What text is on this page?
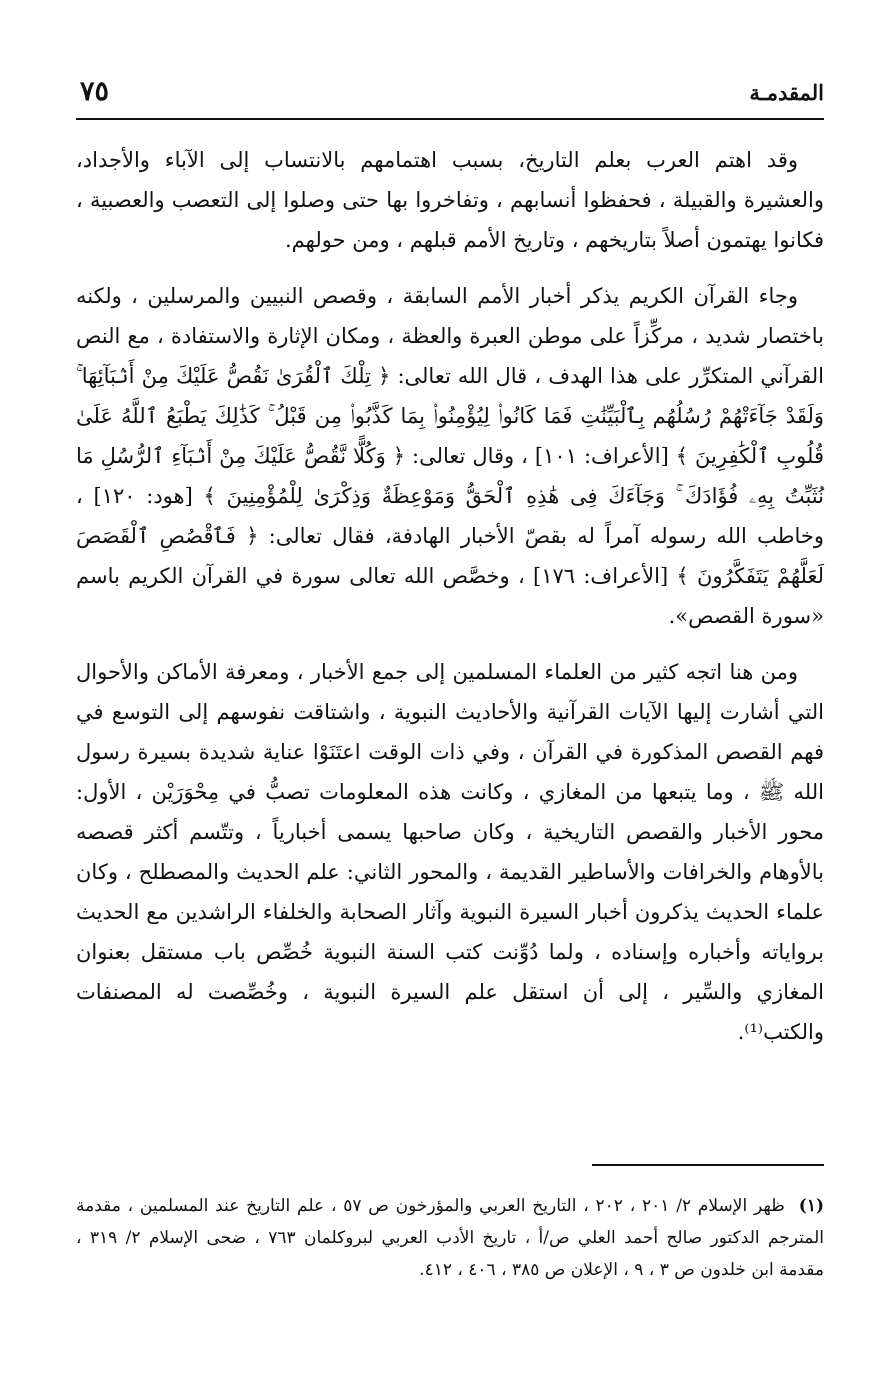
المقدمـة
٧٥

وقد اهتم العرب بعلم التاريخ، بسبب اهتمامهم بالانتساب إلى الآباء والأجداد، والعشيرة والقبيلة ، فحفظوا أنسابهم ، وتفاخروا بها حتى وصلوا إلى التعصب والعصبية ، فكانوا يهتمون أصلاً بتاريخهم ، وتاريخ الأمم قبلهم ، ومن حولهم.

وجاء القرآن الكريم يذكر أخبار الأمم السابقة ، وقصص النبيين والمرسلين ، ولكنه باختصار شديد ، مركِّزاً على موطن العبرة والعظة ، ومكان الإثارة والاستفادة ، مع النص القرآني المتكرِّر على هذا الهدف ، قال الله تعالى: ﴿ تِلْكَ ٱلْقُرَىٰ نَقُصُّ عَلَيْكَ مِنْ أَنۢبَآئِهَا ۚ وَلَقَدْ جَآءَتْهُمْ رُسُلُهُم بِٱلْبَيِّنَٰتِ فَمَا كَانُوا۟ لِيُؤْمِنُوا۟ بِمَا كَذَّبُوا۟ مِن قَبْلُ ۚ كَذَٰلِكَ يَطْبَعُ ٱللَّهُ عَلَىٰ قُلُوبِ ٱلْكَٰفِرِينَ ﴾ [الأعراف: ١٠١] ، وقال تعالى: ﴿ وَكُلًّا نَّقُصُّ عَلَيْكَ مِنْ أَنۢبَآءِ ٱلرُّسُلِ مَا نُثَبِّتُ بِهِۦ فُؤَادَكَ ۚ وَجَآءَكَ فِى هَٰذِهِ ٱلْحَقُّ وَمَوْعِظَةٌ وَذِكْرَىٰ لِلْمُؤْمِنِينَ ﴾ [هود: ١٢٠] ، وخاطب الله رسوله آمراً له بقصّ الأخبار الهادفة، فقال تعالى: ﴿ فَٱقْصُصِ ٱلْقَصَصَ لَعَلَّهُمْ يَتَفَكَّرُونَ ﴾ [الأعراف: ١٧٦] ، وخصَّص الله تعالى سورة في القرآن الكريم باسم «سورة القصص».

ومن هنا اتجه كثير من العلماء المسلمين إلى جمع الأخبار ، ومعرفة الأماكن والأحوال التي أشارت إليها الآيات القرآنية والأحاديث النبوية ، واشتاقت نفوسهم إلى التوسع في فهم القصص المذكورة في القرآن ، وفي ذات الوقت اعتَنَوْا عناية شديدة بسيرة رسول الله ﷺ ، وما يتبعها من المغازي ، وكانت هذه المعلومات تصبُّ في مِحْوَرَيْن ، الأول: محور الأخبار والقصص التاريخية ، وكان صاحبها يسمى أخبارياً ، وتتّسم أكثر قصصه بالأوهام والخرافات والأساطير القديمة ، والمحور الثاني: علم الحديث والمصطلح ، وكان علماء الحديث يذكرون أخبار السيرة النبوية وآثار الصحابة والخلفاء الراشدين مع الحديث برواياته وأخباره وإسناده ، ولما دُوِّنت كتب السنة النبوية خُصِّص باب مستقل بعنوان المغازي والسِّير ، إلى أن استقل علم السيرة النبوية ، وخُصِّصت له المصنفات والكتب⁽¹⁾.

(١)ظهر الإسلام ٢/ ٢٠١ ، ٢٠٢ ، التاريخ العربي والمؤرخون ص ٥٧ ، علم التاريخ عند المسلمين ، مقدمة المترجم الدكتور صالح أحمد العلي ص/أ ، تاريخ الأدب العربي لبروكلمان ٧٦٣ ، ضحى الإسلام ٢/ ٣١٩ ، مقدمة ابن خلدون ص ٣ ، ٩ ، الإعلان ص ٣٨٥ ، ٤٠٦ ، ٤١٢.
